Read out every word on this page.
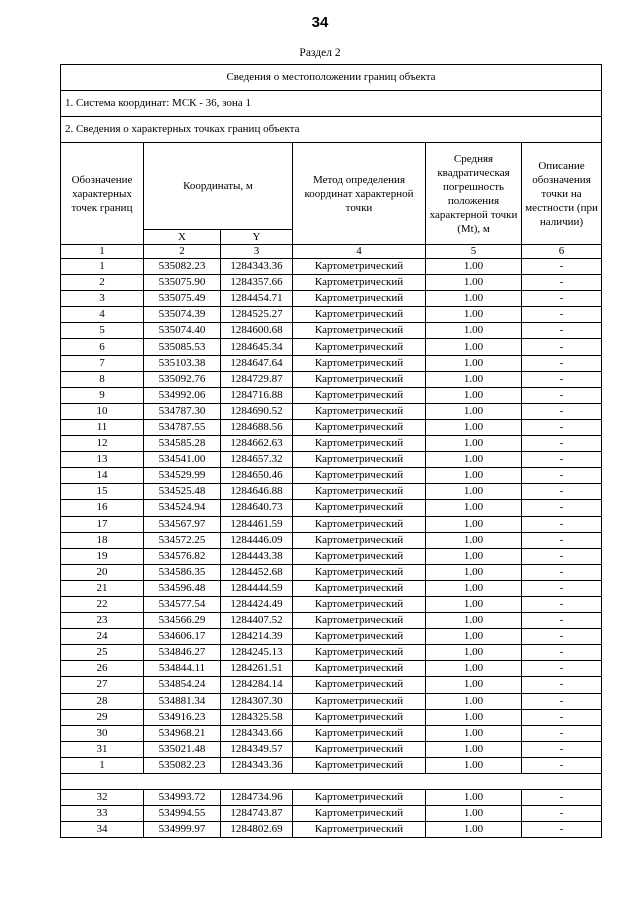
34
Раздел 2
Сведения о местоположении границ объекта					
1. Система координат: МСК - 36, зона 1					
2. Сведения о характерных точках границ объекта					
Обозначение характерных точек границ	Координаты, м		Метод определения координат характерной точки	Средняя квадратическая погрешность положения характерной точки (Mt), м	Описание обозначения точки на местности (при наличии)
	X	Y			
1	2	3	4	5	6
1	535082.23	1284343.36	Картометрический	1.00	-
2	535075.90	1284357.66	Картометрический	1.00	-
3	535075.49	1284454.71	Картометрический	1.00	-
4	535074.39	1284525.27	Картометрический	1.00	-
5	535074.40	1284600.68	Картометрический	1.00	-
6	535085.53	1284645.34	Картометрический	1.00	-
7	535103.38	1284647.64	Картометрический	1.00	-
8	535092.76	1284729.87	Картометрический	1.00	-
9	534992.06	1284716.88	Картометрический	1.00	-
10	534787.30	1284690.52	Картометрический	1.00	-
11	534787.55	1284688.56	Картометрический	1.00	-
12	534585.28	1284662.63	Картометрический	1.00	-
13	534541.00	1284657.32	Картометрический	1.00	-
14	534529.99	1284650.46	Картометрический	1.00	-
15	534525.48	1284646.88	Картометрический	1.00	-
16	534524.94	1284640.73	Картометрический	1.00	-
17	534567.97	1284461.59	Картометрический	1.00	-
18	534572.25	1284446.09	Картометрический	1.00	-
19	534576.82	1284443.38	Картометрический	1.00	-
20	534586.35	1284452.68	Картометрический	1.00	-
21	534596.48	1284444.59	Картометрический	1.00	-
22	534577.54	1284424.49	Картометрический	1.00	-
23	534566.29	1284407.52	Картометрический	1.00	-
24	534606.17	1284214.39	Картометрический	1.00	-
25	534846.27	1284245.13	Картометрический	1.00	-
26	534844.11	1284261.51	Картометрический	1.00	-
27	534854.24	1284284.14	Картометрический	1.00	-
28	534881.34	1284307.30	Картометрический	1.00	-
29	534916.23	1284325.58	Картометрический	1.00	-
30	534968.21	1284343.66	Картометрический	1.00	-
31	535021.48	1284349.57	Картометрический	1.00	-
1	535082.23	1284343.36	Картометрический	1.00	-

32	534993.72	1284734.96	Картометрический	1.00	-
33	534994.55	1284743.87	Картометрический	1.00	-
34	534999.97	1284802.69	Картометрический	1.00	-
